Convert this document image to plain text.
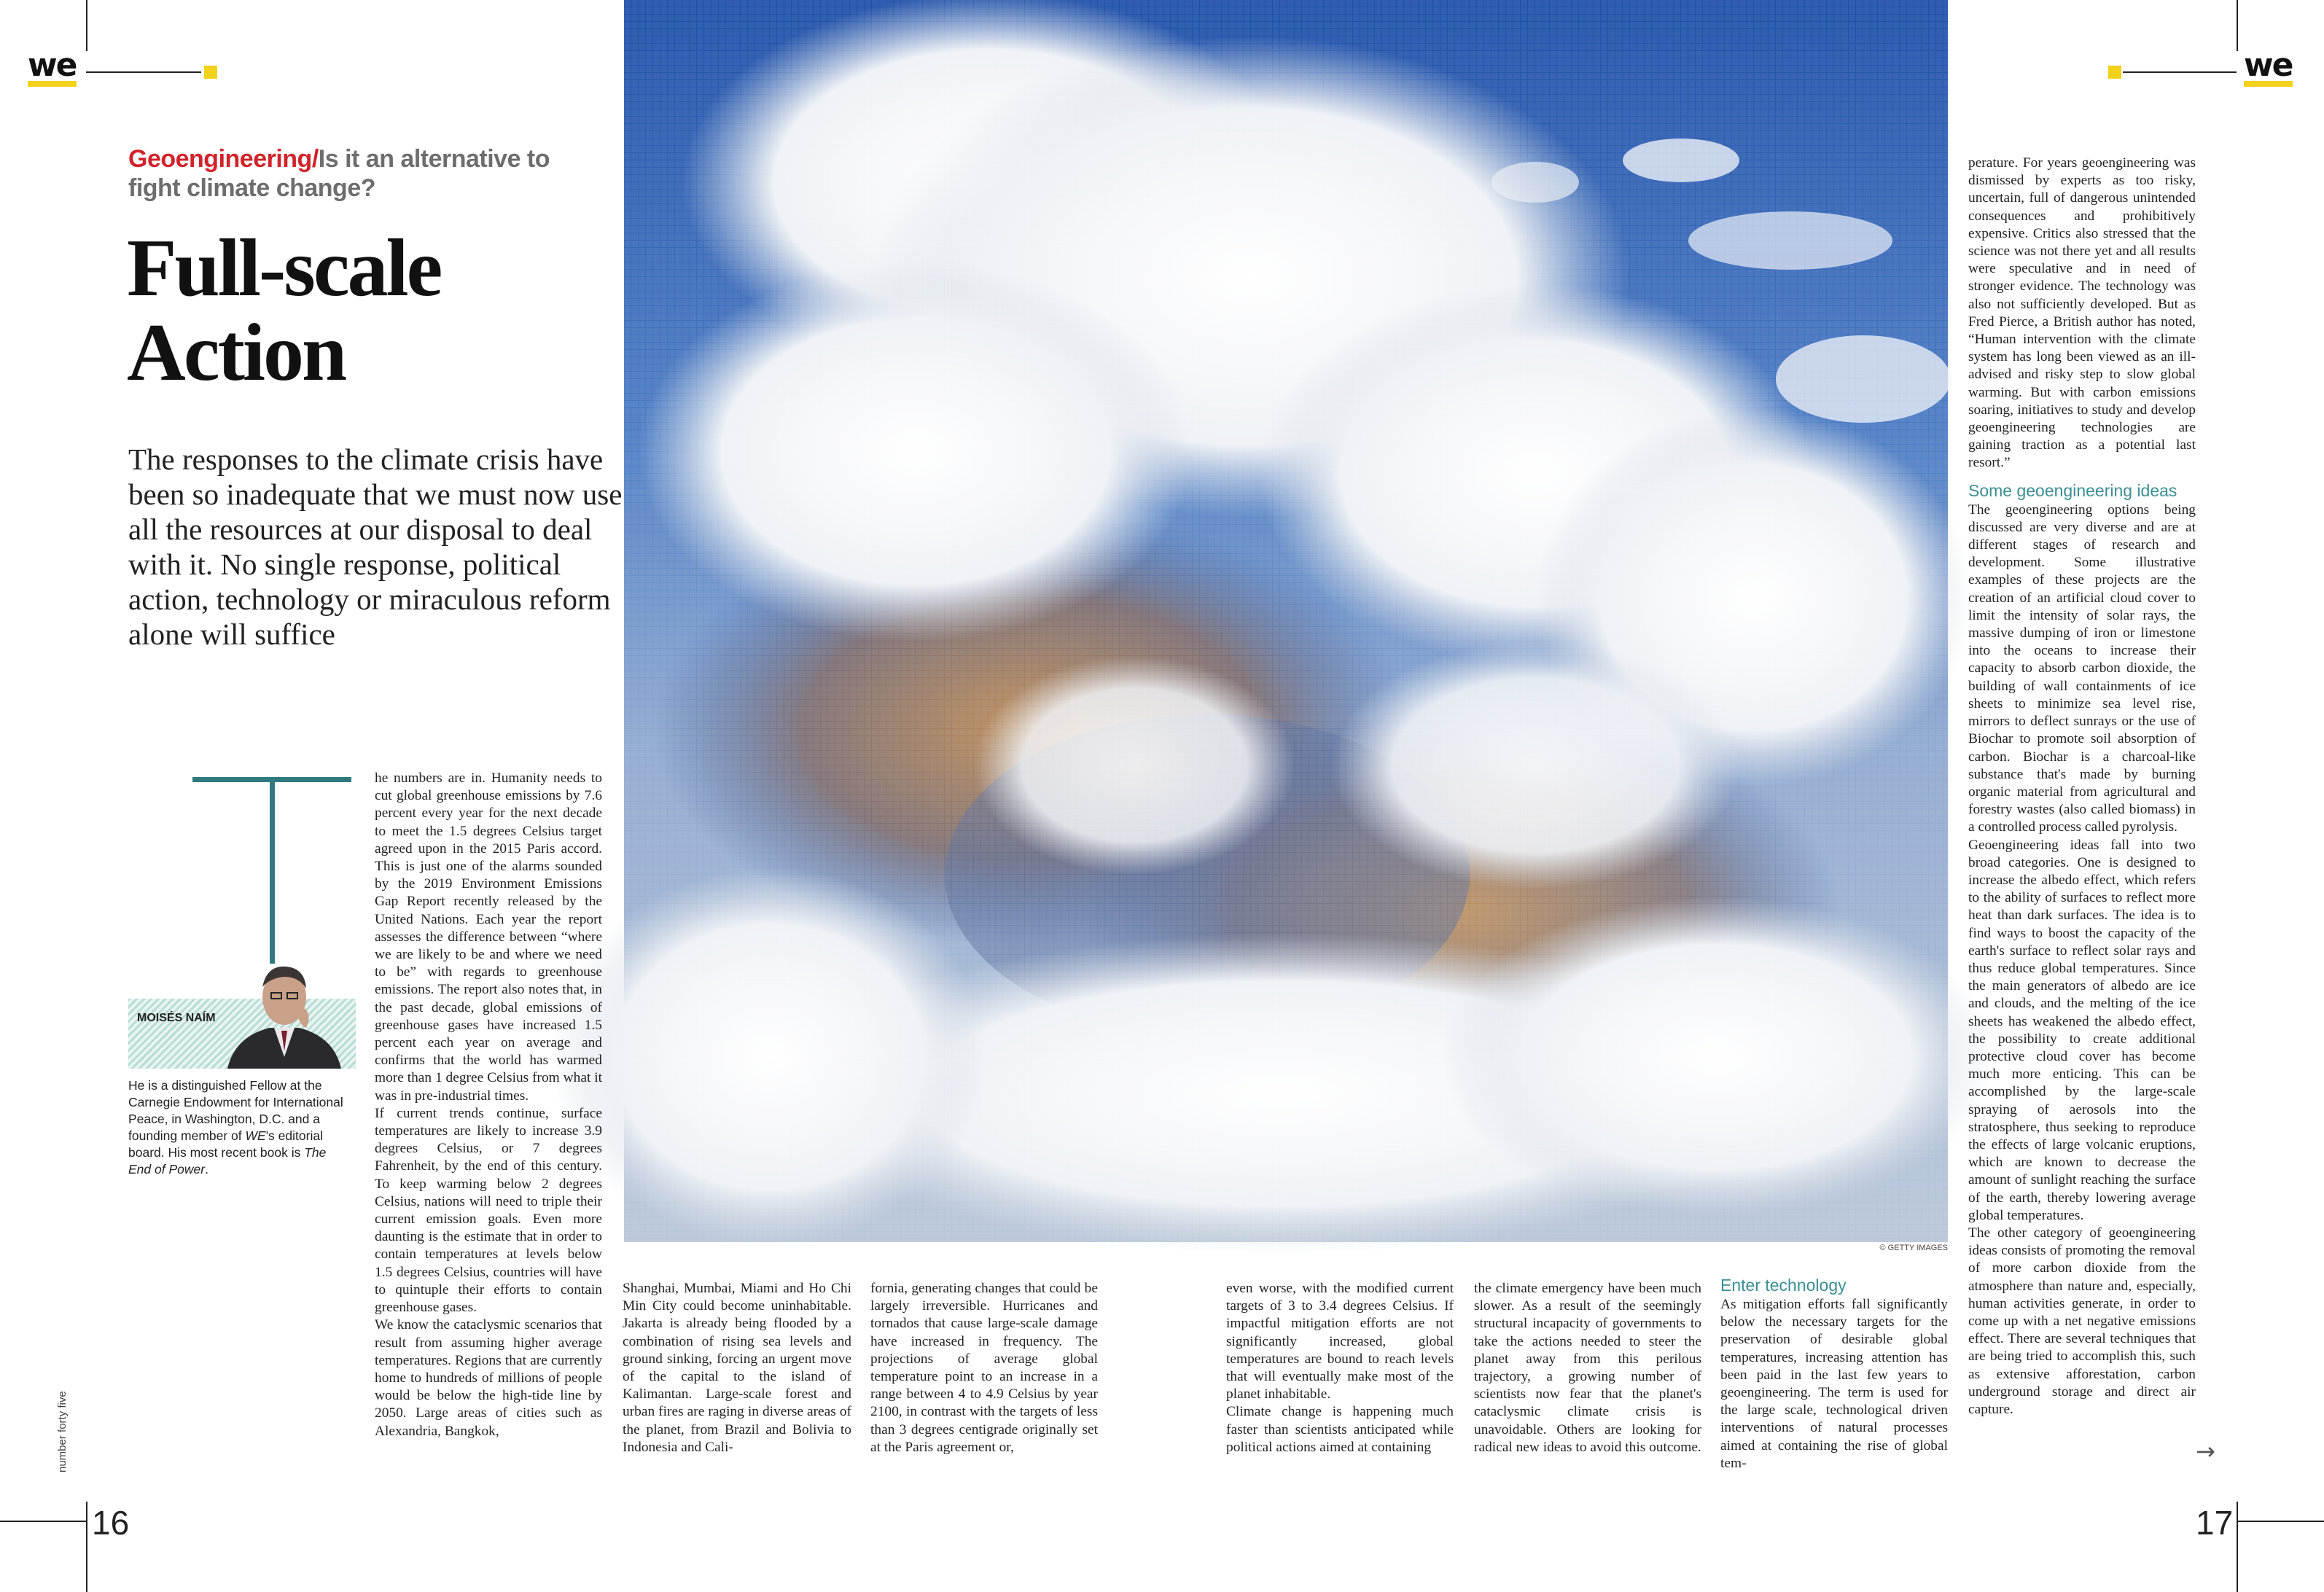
we	we
Geoengineering/Is it an alternative to fight climate change?
Full-scale Action
The responses to the climate crisis have been so inadequate that we must now use all the resources at our disposal to deal with it. No single response, political action, technology or miraculous reform alone will suffice
MOISÉS NAÍM
He is a distinguished Fellow at the Carnegie Endowment for International Peace, in Washington, D.C. and a founding member of WE's editorial board. His most recent book is The End of Power.
© GETTY IMAGES

he numbers are in. Humanity needs to cut global greenhouse emissions by 7.6 percent every year for the next decade to meet the 1.5 degrees Celsius target agreed upon in the 2015 Paris accord. This is just one of the alarms sounded by the 2019 Environment Emissions Gap Report recently released by the United Nations. Each year the report assesses the difference between “where we are likely to be and where we need to be” with regards to greenhouse emissions. The report also notes that, in the past decade, global emissions of greenhouse gases have increased 1.5 percent each year on average and confirms that the world has warmed more than 1 degree Celsius from what it was in pre-industrial times.

If current trends continue, surface temperatures are likely to increase 3.9 degrees Celsius, or 7 degrees Fahrenheit, by the end of this century. To keep warming below 2 degrees Celsius, nations will need to triple their current emission goals. Even more daunting is the estimate that in order to contain temperatures at levels below 1.5 degrees Celsius, countries will have to quintuple their efforts to contain greenhouse gases.

We know the cataclysmic scenarios that result from assuming higher average temperatures. Regions that are currently home to hundreds of millions of people would be below the high-tide line by 2050. Large areas of cities such as Alexandria, Bangkok,

Shanghai, Mumbai, Miami and Ho Chi Min City could become uninhabitable. Jakarta is already being flooded by a combination of rising sea levels and ground sinking, forcing an urgent move of the capital to the island of Kalimantan. Large-scale forest and urban fires are raging in diverse areas of the planet, from Brazil and Bolivia to Indonesia and Cali-

fornia, generating changes that could be largely irreversible. Hurricanes and tornados that cause large-scale damage have increased in frequency. The projections of average global temperature point to an increase in a range between 4 to 4.9 Celsius by year 2100, in contrast with the targets of less than 3 degrees centigrade originally set at the Paris agreement or,

even worse, with the modified current targets of 3 to 3.4 degrees Celsius. If impactful mitigation efforts are not significantly increased, global temperatures are bound to reach levels that will eventually make most of the planet inhabitable.

Climate change is happening much faster than scientists anticipated while political actions aimed at containing

the climate emergency have been much slower. As a result of the seemingly structural incapacity of governments to take the actions needed to steer the planet away from this perilous trajectory, a growing number of scientists now fear that the planet's cataclysmic climate crisis is unavoidable. Others are looking for radical new ideas to avoid this outcome.

Enter technology

As mitigation efforts fall significantly below the necessary targets for the preservation of desirable global temperatures, increasing attention has been paid in the last few years to geoengineering. The term is used for the large scale, technological driven interventions of natural processes aimed at containing the rise of global tem-

perature. For years geoengineering was dismissed by experts as too risky, uncertain, full of dangerous unintended consequences and prohibitively expensive. Critics also stressed that the science was not there yet and all results were speculative and in need of stronger evidence. The technology was also not sufficiently developed. But as Fred Pierce, a British author has noted, “Human intervention with the climate system has long been viewed as an ill-advised and risky step to slow global warming. But with carbon emissions soaring, initiatives to study and develop geoengineering technologies are gaining traction as a potential last resort.”

Some geoengineering ideas

The geoengineering options being discussed are very diverse and are at different stages of research and development. Some illustrative examples of these projects are the creation of an artificial cloud cover to limit the intensity of solar rays, the massive dumping of iron or limestone into the oceans to increase their capacity to absorb carbon dioxide, the building of wall containments of ice sheets to minimize sea level rise, mirrors to deflect sunrays or the use of Biochar to promote soil absorption of carbon. Biochar is a charcoal-like substance that's made by burning organic material from agricultural and forestry wastes (also called biomass) in a controlled process called pyrolysis.

Geoengineering ideas fall into two broad categories. One is designed to increase the albedo effect, which refers to the ability of surfaces to reflect more heat than dark surfaces. The idea is to find ways to boost the capacity of the earth's surface to reflect solar rays and thus reduce global temperatures. Since the main generators of albedo are ice and clouds, and the melting of the ice sheets has weakened the albedo effect, the possibility to create additional protective cloud cover has become much more enticing. This can be accomplished by the large-scale spraying of aerosols into the stratosphere, thus seeking to reproduce the effects of large volcanic eruptions, which are known to decrease the amount of sunlight reaching the surface of the earth, thereby lowering average global temperatures.

The other category of geoengineering ideas consists of promoting the removal of more carbon dioxide from the atmosphere than nature and, especially, human activities generate, in order to come up with a net negative emissions effect. There are several techniques that are being tried to accomplish this, such as extensive afforestation, carbon underground storage and direct air capture.

→
number forty five
16	17
